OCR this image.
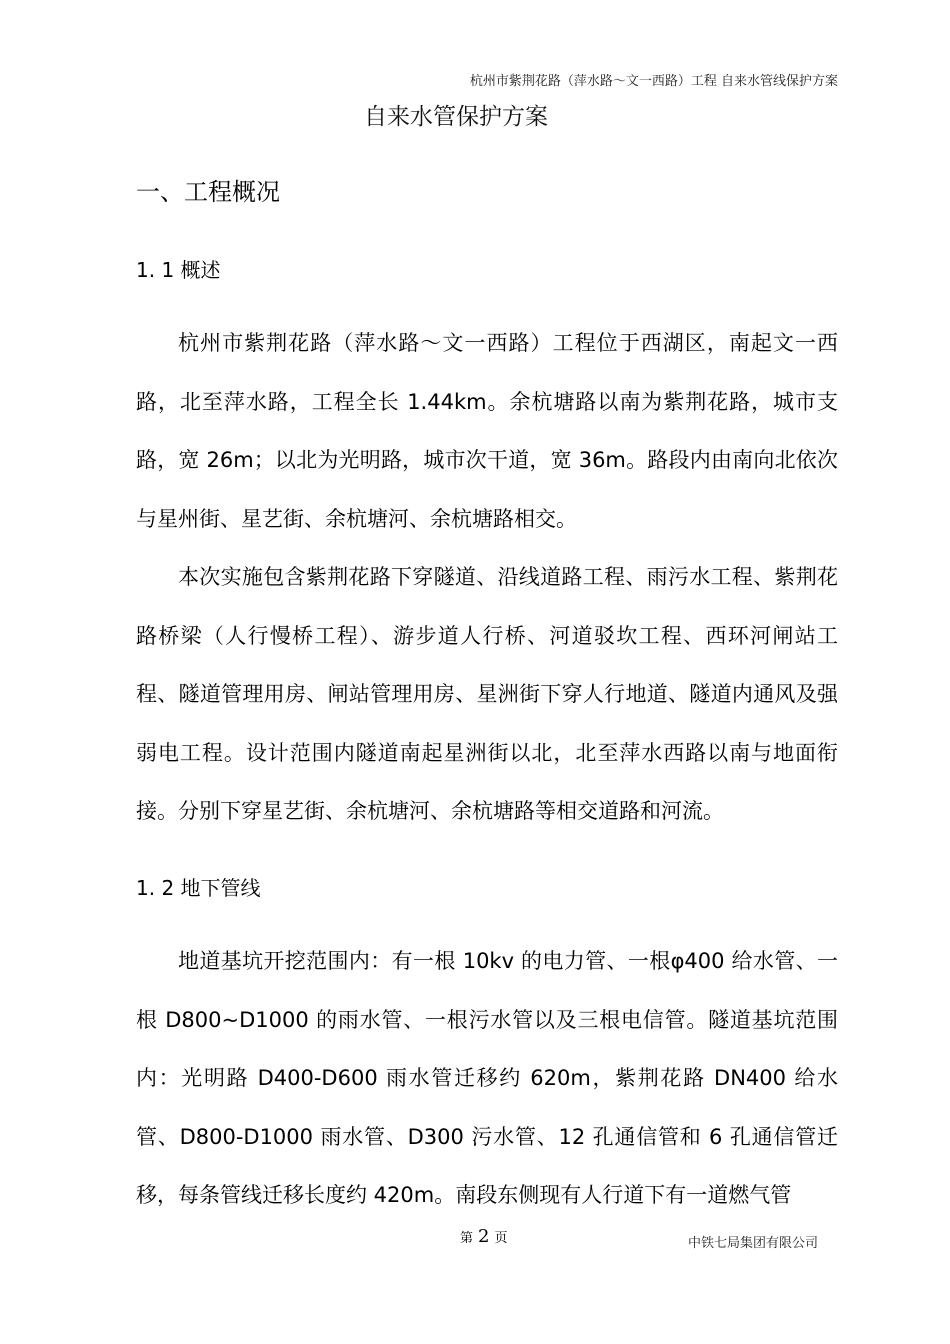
杭州市紫荆花路（萍水路～文一西路）工程 自来水管线保护方案
自来水管保护方案
一、工程概况
1. 1 概述

杭州市紫荆花路（萍水路～文一西路）工程位于西湖区，南起文一西路，北至萍水路，工程全长 1.44km。余杭塘路以南为紫荆花路，城市支路，宽 26m；以北为光明路，城市次干道，宽 36m。路段内由南向北依次与星州街、星艺街、余杭塘河、余杭塘路相交。

本次实施包含紫荆花路下穿隧道、沿线道路工程、雨污水工程、紫荆花路桥梁（人行慢桥工程）、游步道人行桥、河道驳坎工程、西环河闸站工程、隧道管理用房、闸站管理用房、星洲街下穿人行地道、隧道内通风及强弱电工程。设计范围内隧道南起星洲街以北，北至萍水西路以南与地面衔接。分别下穿星艺街、余杭塘河、余杭塘路等相交道路和河流。

1. 2 地下管线

地道基坑开挖范围内：有一根 10kv 的电力管、一根φ400 给水管、一根 D800~D1000 的雨水管、一根污水管以及三根电信管。隧道基坑范围内：光明路 D400-D600 雨水管迁移约 620m，紫荆花路 DN400 给水管、D800-D1000 雨水管、D300 污水管、12 孔通信管和 6 孔通信管迁移，每条管线迁移长度约 420m。南段东侧现有人行道下有一道燃气管

第 2 页	中铁七局集团有限公司
